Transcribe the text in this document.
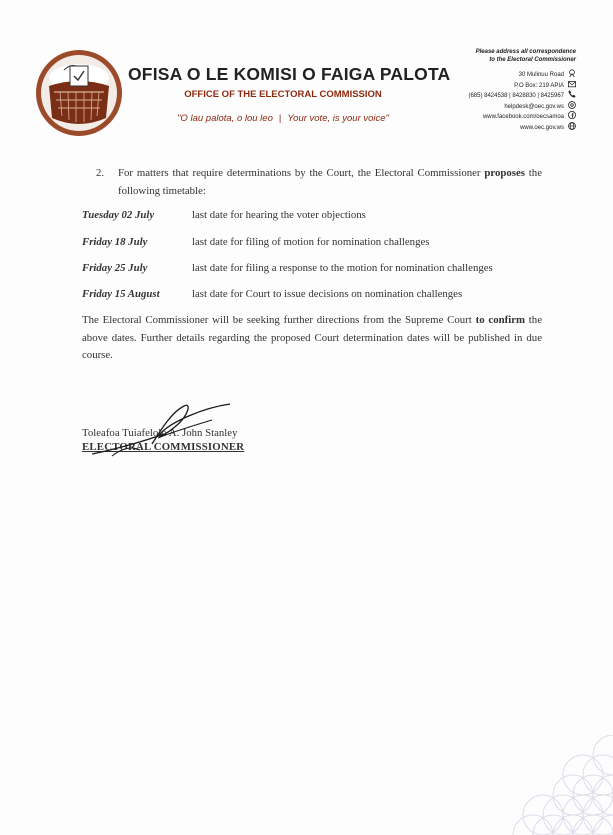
OFISA O LE KOMISI O FAIGA PALOTA
OFFICE OF THE ELECTORAL COMMISSION
"O lau palota, o lou leo | Your vote, is your voice"
Please address all correspondence
to the Electoral Commissioner
30 Mulinuu Road
P.O Box: 219 APIA
(685) 8424538 | 8428830 | 8425967
helpdesk@oec.gov.ws
www.facebook.com/oecsamoa
www.oec.gov.ws
2. For matters that require determinations by the Court, the Electoral Commissioner proposes the following timetable:
Tuesday 02 July	last date for hearing the voter objections
Friday 18 July	last date for filing of motion for nomination challenges
Friday 25 July	last date for filing a response to the motion for nomination challenges
Friday 15 August	last date for Court to issue decisions on nomination challenges
The Electoral Commissioner will be seeking further directions from the Supreme Court to confirm the above dates. Further details regarding the proposed Court determination dates will be published in due course.
Toleafoa Tuiafelolo A. John Stanley
ELECTORAL COMMISSIONER
